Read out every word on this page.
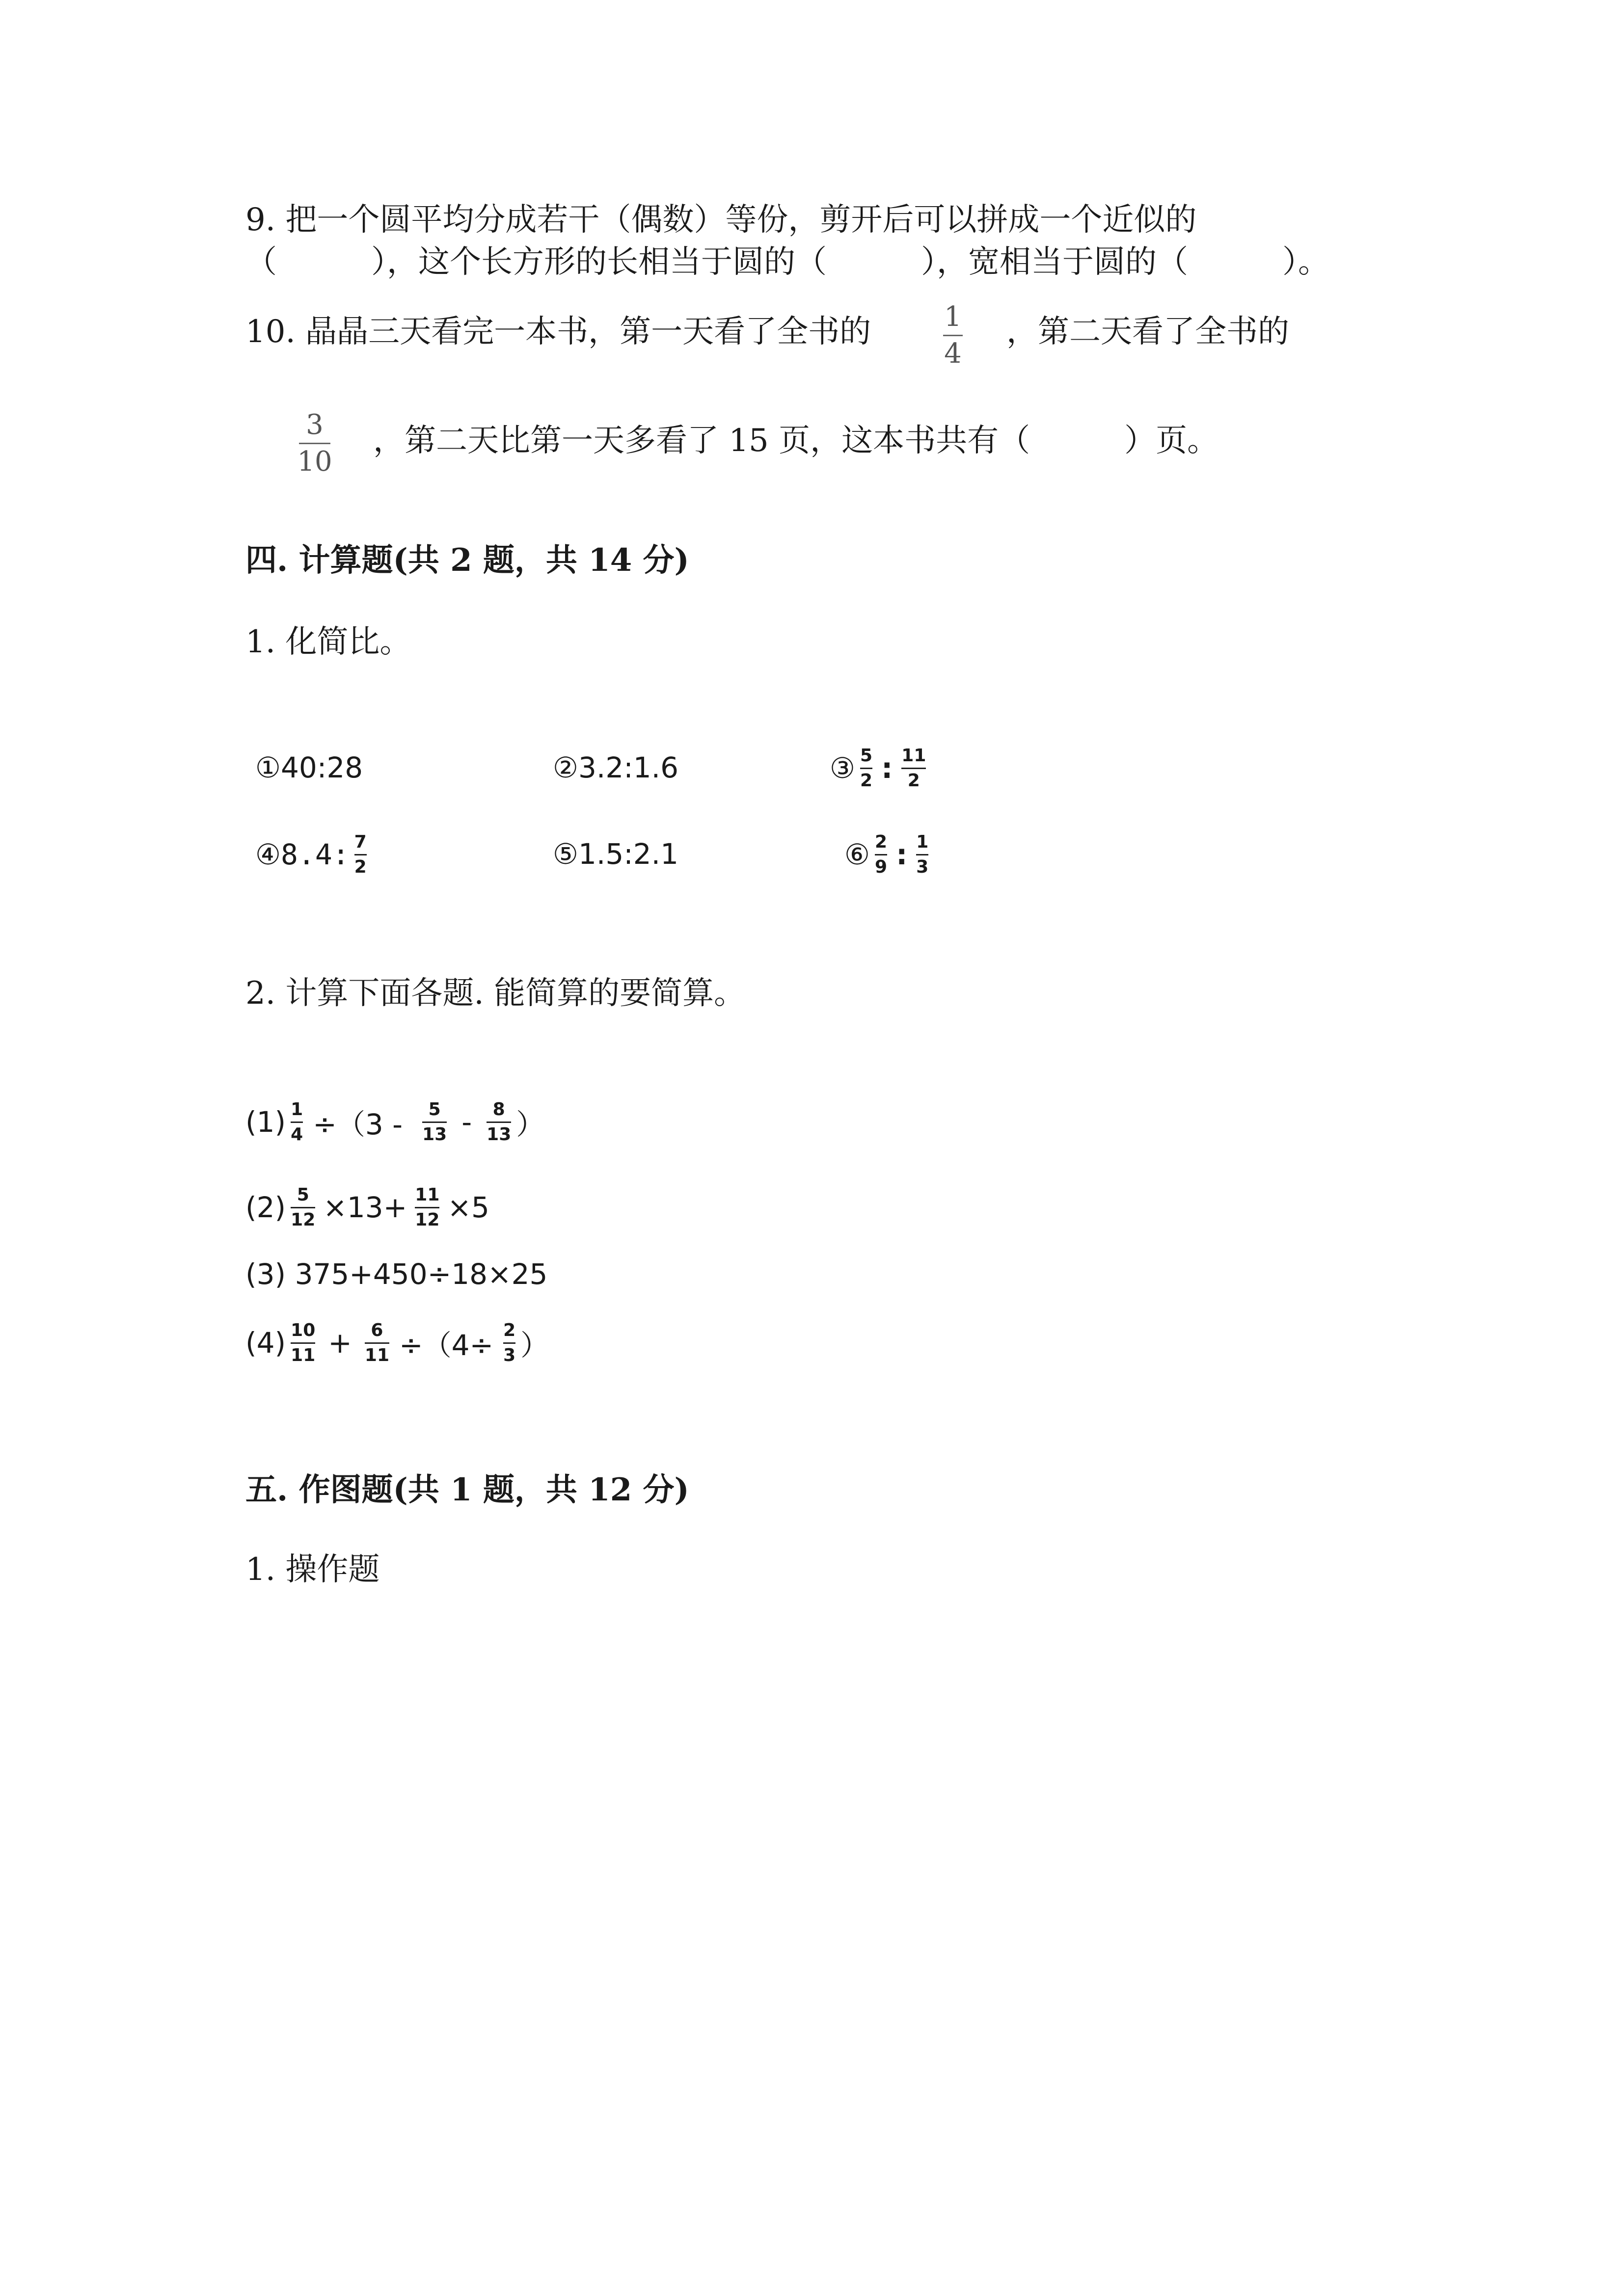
9. 把一个圆平均分成若干（偶数）等份，剪开后可以拼成一个近似的
（　　　），这个长方形的长相当于圆的（　　　），宽相当于圆的（　　　）。
10. 晶晶三天看完一本书，第一天看了全书的	1
4
，第二天看了全书的
3
10
，第二天比第一天多看了 15 页，这本书共有（　　　）页。
四. 计算题(共 2 题，共 14 分)
1. 化简比。
①40:28	②3.2:1.6	③ $\frac{5}{2}$ : $\frac{11}{2}$
④8.4: $\frac{7}{2}$	⑤1.5:2.1	⑥ $\frac{2}{9}$ : $\frac{1}{3}$
2. 计算下面各题. 能简算的要简算。
$(1) \frac{1}{4} \div(3 - \frac{5}{13} - \frac{8}{13}$ ）
$(2) \frac{5}{12} \times 13+ \frac{11}{12} \times 5$
(3) 375+450÷18×25
$(4) \frac{10}{11} + \frac{6}{11} \div(4\div \frac{2}{3}$ ）
五. 作图题(共 1 题，共 12 分)
1. 操作题
